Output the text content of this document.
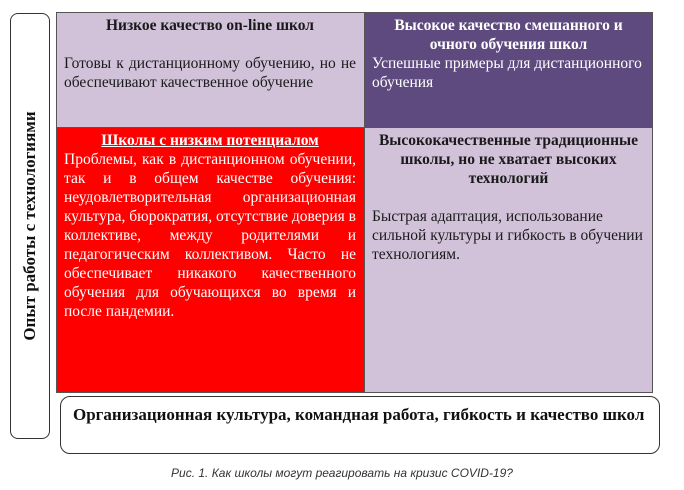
Опыт работы с технологиями
Низкое качество on-line школ
Готовы к дистанционному обучению, но не обеспечивают качественное обучение
Высокое качество смешанного и очного обучения школ
Успешные примеры для дистанционного обучения
Школы с низким потенциалом
Проблемы, как в дистанционном обучении, так и в общем качестве обучения: неудовлетворительная организационная культура, бюрократия, отсутствие доверия в коллективе, между родителями и педагогическим коллективом. Часто не обеспечивает никакого качественного обучения для обучающихся во время и после пандемии.
Высококачественные традиционные школы, но не хватает высоких технологий
Быстрая адаптация, использование сильной культуры и гибкость в обучении технологиям.
Организационная культура, командная работа, гибкость и качество школ
Рис. 1. Как школы могут реагировать на кризис COVID-19?
